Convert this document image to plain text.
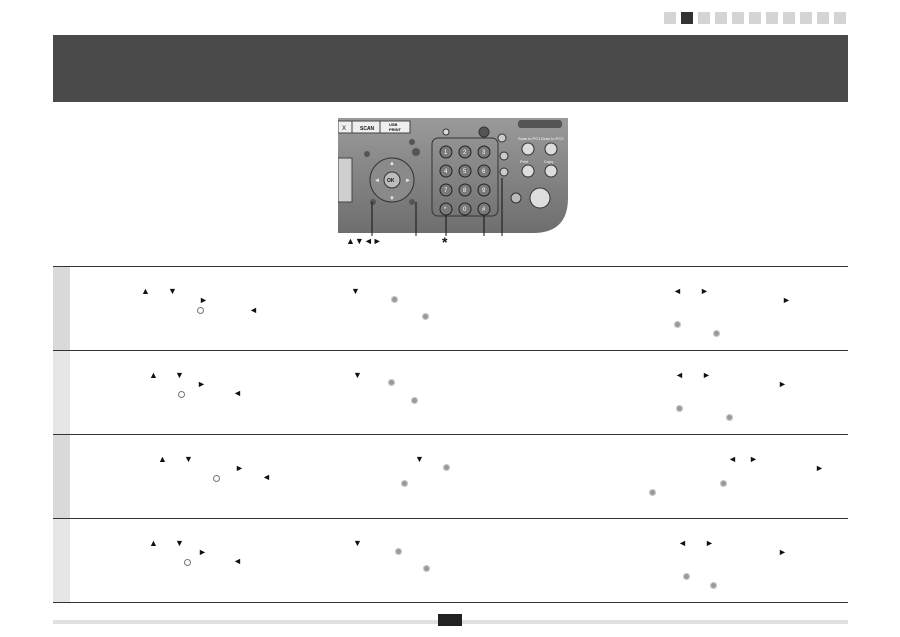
X	SCAN
USB
PRINT
OK
▲
▼
◄	►
1	2	3
4	5	6
7	8	9
*	0	#
Scan to PC1 Scan to PC2
Print	Copy
▲▼◄►	*
▲ ▼
►
◄
▼	◄ ►
►
▲ ▼
►
◄
▼	◄ ►
►
▲ ▼
►
◄
▼	◄ ►
►
▲ ▼
►
◄
▼	◄ ►
►
